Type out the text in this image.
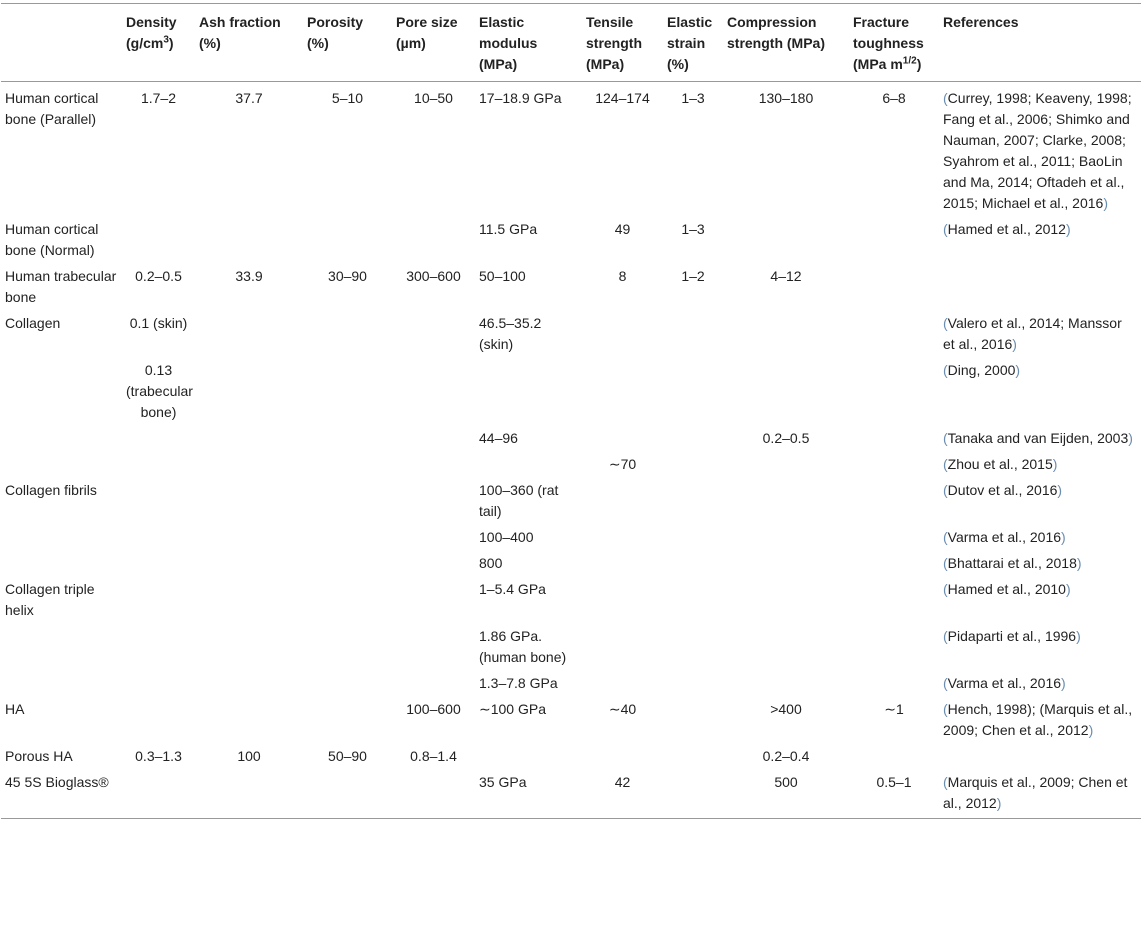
	Density $(g/cm^3)$	Ash fraction (%)	Porosity (%)	Pore size (µm)	Elastic modulus (MPa)	Tensile strength (MPa)	Elastic strain (%)	Compression strength (MPa)	Fracture toughness (MPa $m^{1/2}$)	References
Human cortical bone (Parallel)	1.7–2	37.7	5–10	10–50	17–18.9 GPa	124–174	1–3	130–180	6–8	(Currey, 1998; Keaveny, 1998; Fang et al., 2006; Shimko and Nauman, 2007; Clarke, 2008; Syahrom et al., 2011; BaoLin and Ma, 2014; Oftadeh et al., 2015; Michael et al., 2016)
Human cortical bone (Normal)					11.5 GPa	49	1–3			(Hamed et al., 2012)
Human trabecular bone	0.2–0.5	33.9	30–90	300–600	50–100	8	1–2	4–12		
Collagen	0.1 (skin)				46.5–35.2 (skin)					(Valero et al., 2014; Manssor et al., 2016)
	0.13 (trabecular bone)									(Ding, 2000)
					44–96			0.2–0.5		(Tanaka and van Eijden, 2003)
						∼70				(Zhou et al., 2015)
Collagen fibrils					100–360 (rat tail)					(Dutov et al., 2016)
					100–400					(Varma et al., 2016)
					800					(Bhattarai et al., 2018)
Collagen triple helix					1–5.4 GPa					(Hamed et al., 2010)
					1.86 GPa. (human bone)					(Pidaparti et al., 1996)
					1.3–7.8 GPa					(Varma et al., 2016)
HA				100–600	∼100 GPa	∼40		>400	∼1	(Hench, 1998); (Marquis et al., 2009; Chen et al., 2012)
Porous HA	0.3–1.3	100	50–90	0.8–1.4				0.2–0.4		
45 5S Bioglass®					35 GPa	42		500	0.5–1	(Marquis et al., 2009; Chen et al., 2012)
